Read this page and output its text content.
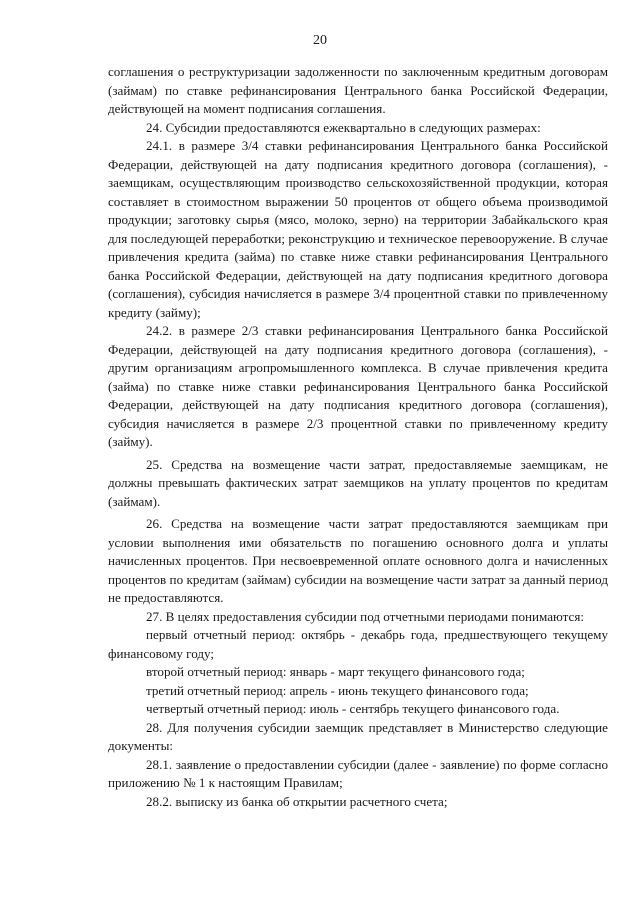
20

соглашения о реструктуризации задолженности по заключенным кредитным договорам (займам) по ставке рефинансирования Центрального банка Российской Федерации, действующей на момент подписания соглашения.

24. Субсидии предоставляются ежеквартально в следующих размерах:

24.1. в размере 3/4 ставки рефинансирования Центрального банка Российской Федерации, действующей на дату подписания кредитного договора (соглашения), - заемщикам, осуществляющим производство сельскохозяйственной продукции, которая составляет в стоимостном выражении 50 процентов от общего объема производимой продукции; заготовку сырья (мясо, молоко, зерно) на территории Забайкальского края для последующей переработки; реконструкцию и техническое перевооружение. В случае привлечения кредита (займа) по ставке ниже ставки рефинансирования Центрального банка Российской Федерации, действующей на дату подписания кредитного договора (соглашения), субсидия начисляется в размере 3/4 процентной ставки по привлеченному кредиту (займу);

24.2. в размере 2/3 ставки рефинансирования Центрального банка Российской Федерации, действующей на дату подписания кредитного договора (соглашения), - другим организациям агропромышленного комплекса. В случае привлечения кредита (займа) по ставке ниже ставки рефинансирования Центрального банка Российской Федерации, действующей на дату подписания кредитного договора (соглашения), субсидия начисляется в размере 2/3 процентной ставки по привлеченному кредиту (займу).

25. Средства на возмещение части затрат, предоставляемые заемщикам, не должны превышать фактических затрат заемщиков на уплату процентов по кредитам (займам).

26. Средства на возмещение части затрат предоставляются заемщикам при условии выполнения ими обязательств по погашению основного долга и уплаты начисленных процентов. При несвоевременной оплате основного долга и начисленных процентов по кредитам (займам) субсидии на возмещение части затрат за данный период не предоставляются.

27. В целях предоставления субсидии под отчетными периодами понимаются:

первый отчетный период: октябрь - декабрь года, предшествующего текущему финансовому году;

второй отчетный период: январь - март текущего финансового года;

третий отчетный период: апрель - июнь текущего финансового года;

четвертый отчетный период: июль - сентябрь текущего финансового года.

28. Для получения субсидии заемщик представляет в Министерство следующие документы:

28.1. заявление о предоставлении субсидии (далее - заявление) по форме согласно приложению № 1 к настоящим Правилам;

28.2. выписку из банка об открытии расчетного счета;
